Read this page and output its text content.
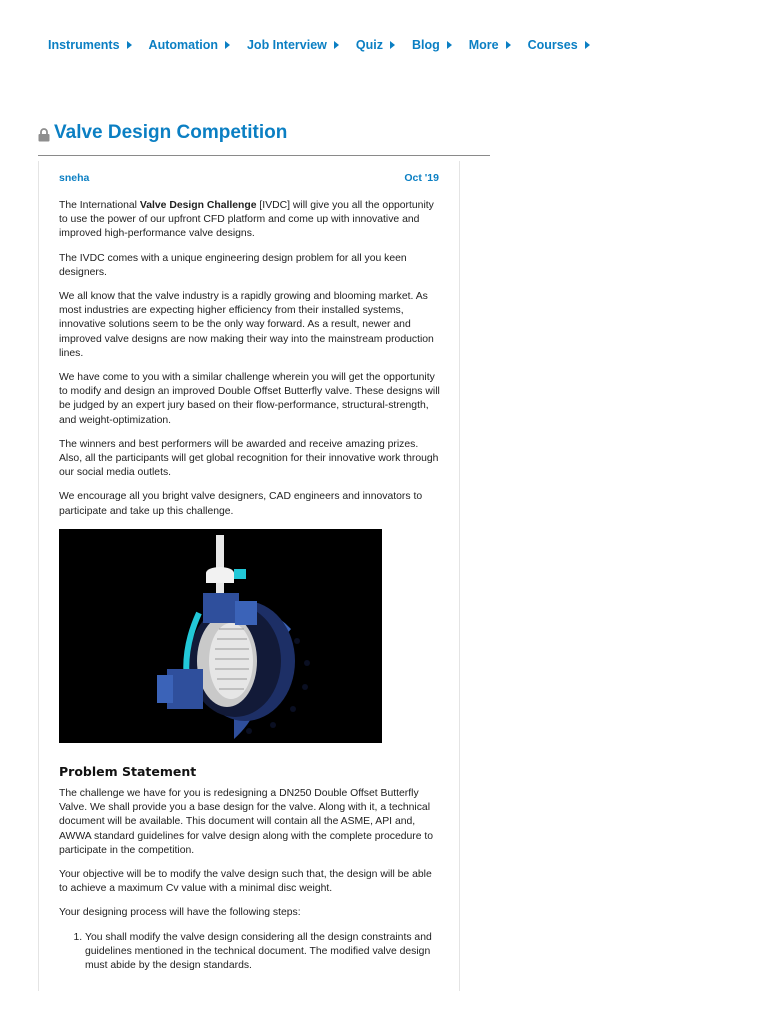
Instruments Automation Job Interview Quiz Blog More Courses
Valve Design Competition
sneha	Oct '19

The International Valve Design Challenge [IVDC] will give you all the opportunity to use the power of our upfront CFD platform and come up with innovative and improved high-performance valve designs.

The IVDC comes with a unique engineering design problem for all you keen designers.

We all know that the valve industry is a rapidly growing and blooming market. As most industries are expecting higher efficiency from their installed systems, innovative solutions seem to be the only way forward. As a result, newer and improved valve designs are now making their way into the mainstream production lines.

We have come to you with a similar challenge wherein you will get the opportunity to modify and design an improved Double Offset Butterfly valve. These designs will be judged by an expert jury based on their flow-performance, structural-strength, and weight-optimization.

The winners and best performers will be awarded and receive amazing prizes. Also, all the participants will get global recognition for their innovative work through our social media outlets.

We encourage all you bright valve designers, CAD engineers and innovators to participate and take up this challenge.

Problem Statement

The challenge we have for you is redesigning a DN250 Double Offset Butterfly Valve. We shall provide you a base design for the valve. Along with it, a technical document will be available. This document will contain all the ASME, API and, AWWA standard guidelines for valve design along with the complete procedure to participate in the competition.

Your objective will be to modify the valve design such that, the design will be able to achieve a maximum Cv value with a minimal disc weight.

Your designing process will have the following steps:

1. You shall modify the valve design considering all the design constraints and guidelines mentioned in the technical document. The modified valve design must abide by the design standards.
